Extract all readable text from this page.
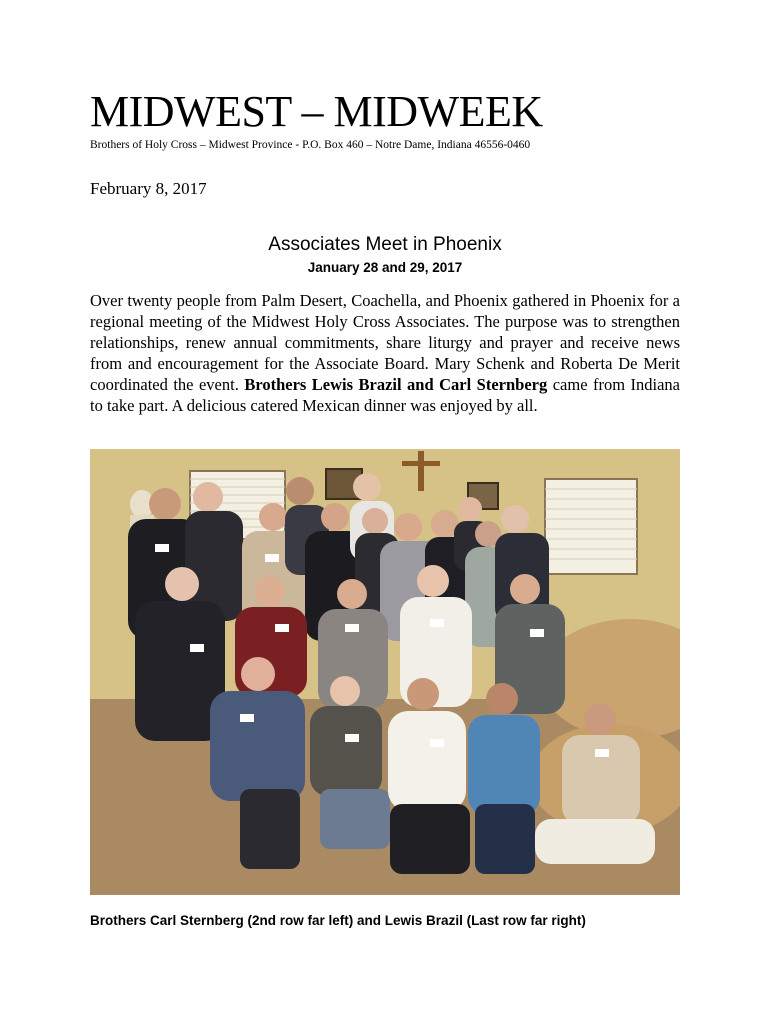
MIDWEST – MIDWEEK
Brothers of Holy Cross – Midwest Province - P.O. Box 460 – Notre Dame, Indiana 46556-0460
February 8, 2017
Associates Meet in Phoenix
January 28 and 29, 2017

Over twenty people from Palm Desert, Coachella, and Phoenix gathered in Phoenix for a regional meeting of the Midwest Holy Cross Associates. The purpose was to strengthen relationships, renew annual commitments, share liturgy and prayer and receive news from and encouragement for the Associate Board. Mary Schenk and Roberta De Merit coordinated the event. Brothers Lewis Brazil and Carl Sternberg came from Indiana to take part. A delicious catered Mexican dinner was enjoyed by all.

Brothers Carl Sternberg (2nd row far left) and Lewis Brazil (Last row far right)
